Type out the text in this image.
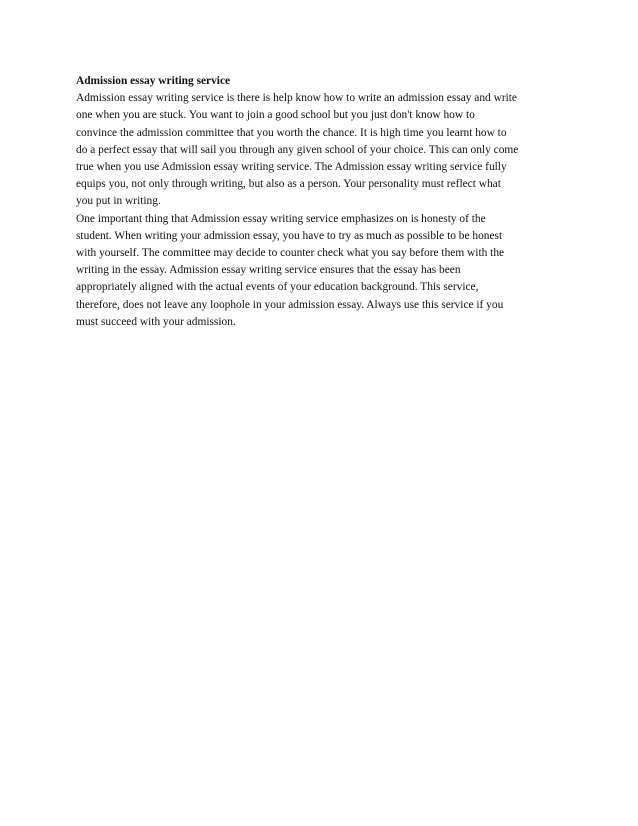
Admission essay writing service
Admission essay writing service is there is help know how to write an admission essay and write
one when you are stuck. You want to join a good school but you just don't know how to
convince the admission committee that you worth the chance. It is high time you learnt how to
do a perfect essay that will sail you through any given school of your choice. This can only come
true when you use Admission essay writing service. The Admission essay writing service fully
equips you, not only through writing, but also as a person. Your personality must reflect what
you put in writing.
One important thing that Admission essay writing service emphasizes on is honesty of the
student. When writing your admission essay, you have to try as much as possible to be honest
with yourself. The committee may decide to counter check what you say before them with the
writing in the essay. Admission essay writing service ensures that the essay has been
appropriately aligned with the actual events of your education background. This service,
therefore, does not leave any loophole in your admission essay. Always use this service if you
must succeed with your admission.
